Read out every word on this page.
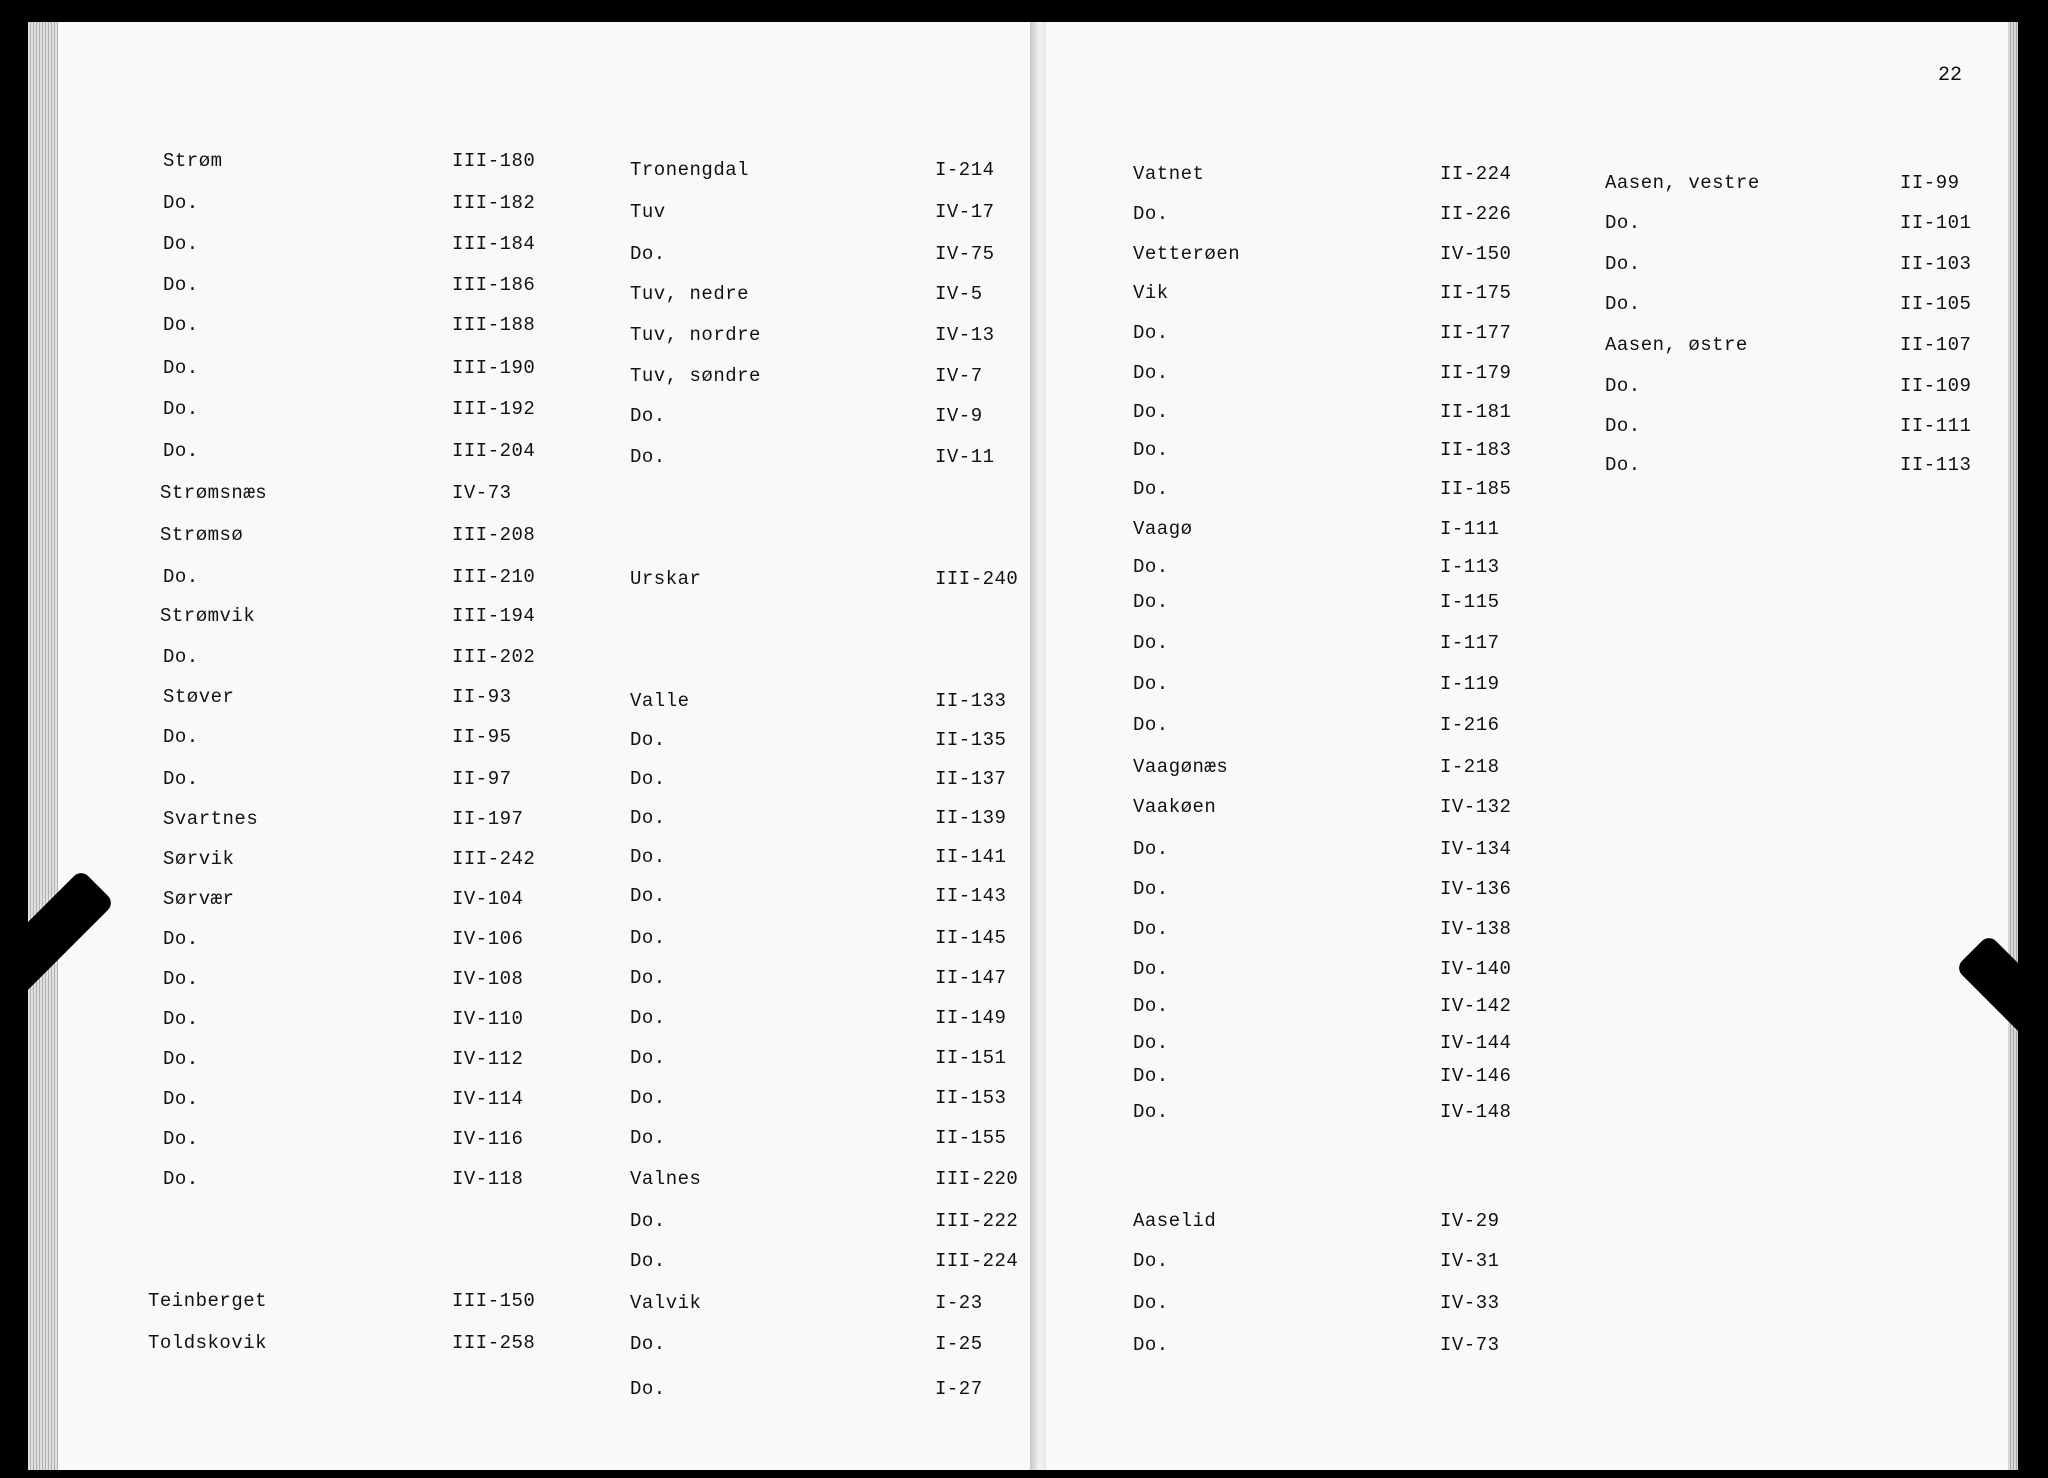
22
Strøm	III-180
Do.	III-182
Do.	III-184
Do.	III-186
Do.	III-188
Do.	III-190
Do.	III-192
Do.	III-204
Strømsnæs	IV-73
Strømsø	III-208
Do.	III-210
Strømvik	III-194
Do.	III-202
Støver	II-93
Do.	II-95
Do.	II-97
Svartnes	II-197
Sørvik	III-242
Sørvær	IV-104
Do.	IV-106
Do.	IV-108
Do.	IV-110
Do.	IV-112
Do.	IV-114
Do.	IV-116
Do.	IV-118
Teinberget	III-150
Toldskovik	III-258
Tronengdal	I-214
Tuv	IV-17
Do.	IV-75
Tuv, nedre	IV-5
Tuv, nordre	IV-13
Tuv, søndre	IV-7
Do.	IV-9
Do.	IV-11
Urskar	III-240
Valle	II-133
Do.	II-135
Do.	II-137
Do.	II-139
Do.	II-141
Do.	II-143
Do.	II-145
Do.	II-147
Do.	II-149
Do.	II-151
Do.	II-153
Do.	II-155
Valnes	III-220
Do.	III-222
Do.	III-224
Valvik	I-23
Do.	I-25
Do.	I-27
Vatnet	II-224
Do.	II-226
Vetterøen	IV-150
Vik	II-175
Do.	II-177
Do.	II-179
Do.	II-181
Do.	II-183
Do.	II-185
Vaagø	I-111
Do.	I-113
Do.	I-115
Do.	I-117
Do.	I-119
Do.	I-216
Vaagønæs	I-218
Vaakøen	IV-132
Do.	IV-134
Do.	IV-136
Do.	IV-138
Do.	IV-140
Do.	IV-142
Do.	IV-144
Do.	IV-146
Do.	IV-148
Aaselid	IV-29
Do.	IV-31
Do.	IV-33
Do.	IV-73
Aasen, vestre	II-99
Do.	II-101
Do.	II-103
Do.	II-105
Aasen, østre	II-107
Do.	II-109
Do.	II-111
Do.	II-113
